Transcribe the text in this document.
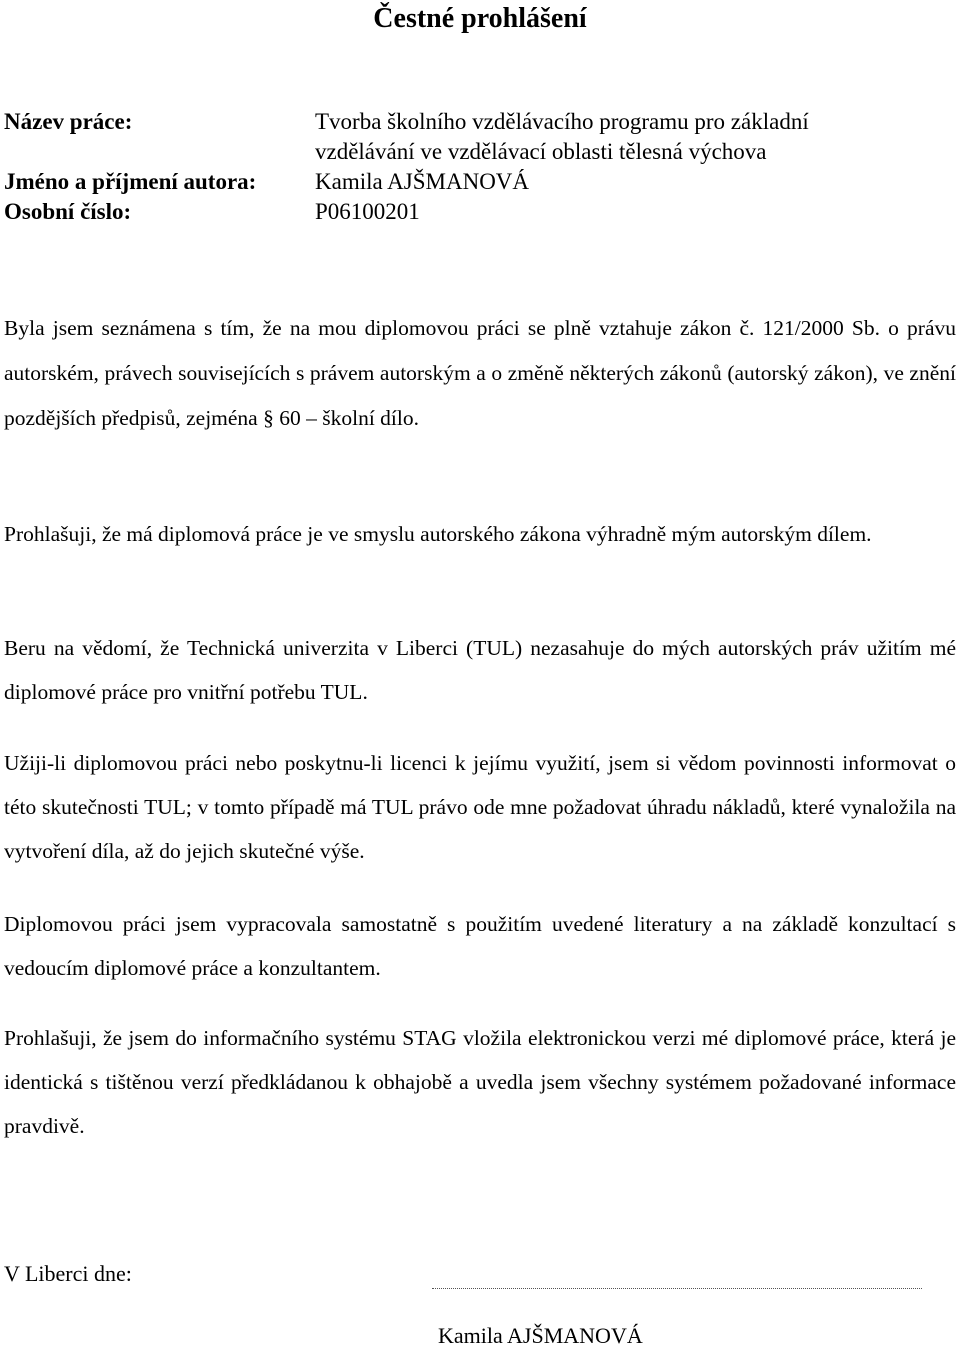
Čestné prohlášení
Název práce:	Tvorba školního vzdělávacího programu pro základní vzdělávání ve vzdělávací oblasti tělesná výchova
Jméno a příjmení autora:	Kamila AJŠMANOVÁ
Osobní číslo:	P06100201

Byla jsem seznámena s tím, že na mou diplomovou práci se plně vztahuje zákon č. 121/2000 Sb. o právu autorském, právech souvisejících s právem autorským a o změně některých zákonů (autorský zákon), ve znění pozdějších předpisů, zejména § 60 – školní dílo.

Prohlašuji, že má diplomová práce je ve smyslu autorského zákona výhradně mým autorským dílem.

Beru na vědomí, že Technická univerzita v Liberci (TUL) nezasahuje do mých autorských práv užitím mé diplomové práce pro vnitřní potřebu TUL.

Užiji-li diplomovou práci nebo poskytnu-li licenci k jejímu využití, jsem si vědom povinnosti informovat o této skutečnosti TUL; v tomto případě má TUL právo ode mne požadovat úhradu nákladů, které vynaložila na vytvoření díla, až do jejich skutečné výše.

Diplomovou práci jsem vypracovala samostatně s použitím uvedené literatury a na základě konzultací s vedoucím diplomové práce a konzultantem.

Prohlašuji, že jsem do informačního systému STAG vložila elektronickou verzi mé diplomové práce, která je identická s tištěnou verzí předkládanou k obhajobě a uvedla jsem všechny systémem požadované informace pravdivě.

V Liberci dne:
Kamila AJŠMANOVÁ
